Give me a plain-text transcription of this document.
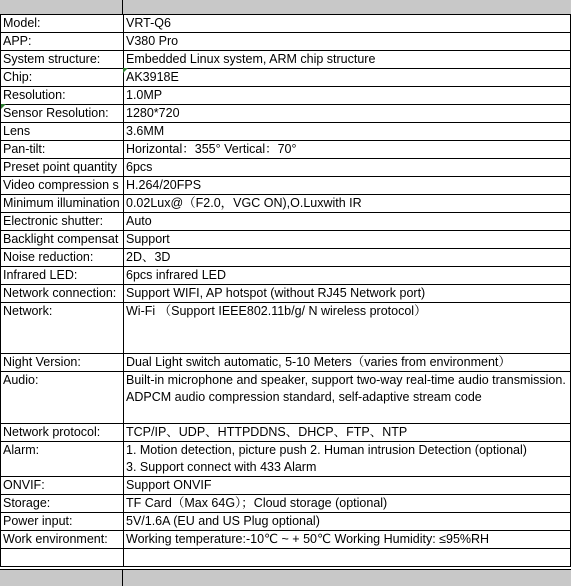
Model:	VRT-Q6
APP:	V380 Pro
System structure:	Embedded Linux system, ARM chip structure
Chip:	AK3918E
Resolution:	1.0MP
Sensor Resolution:	1280*720
Lens	3.6MM
Pan-tilt:	Horizontal：355° Vertical：70°
Preset point quantity	6pcs
Video compression s	H.264/20FPS
Minimum illumination	0.02Lux@（F2.0，VGC ON),O.Luxwith IR
Electronic shutter:	Auto
Backlight compensat	Support
Noise reduction:	2D、3D
Infrared LED:	6pcs infrared LED
Network connection:	Support WIFI, AP hotspot (without RJ45 Network port)
Network:	Wi-Fi （Support IEEE802.11b/g/ N wireless protocol）
Night Version:	Dual Light switch automatic, 5-10 Meters（varies from environment）
Audio:	Built-in microphone and speaker, support two-way real-time audio transmission. ADPCM audio compression standard, self-adaptive stream code
Network protocol:	TCP/IP、UDP、HTTPDDNS、DHCP、FTP、NTP
Alarm:	1. Motion detection, picture push 2. Human intrusion Detection (optional)
3. Support connect with 433 Alarm

ONVIF:	Support ONVIF
Storage:	TF Card（Max 64G）；Cloud storage (optional)
Power input:	5V/1.6A (EU and US Plug optional)
Work environment:	Working temperature:-10℃ ~ + 50℃ Working Humidity: ≤95%RH
